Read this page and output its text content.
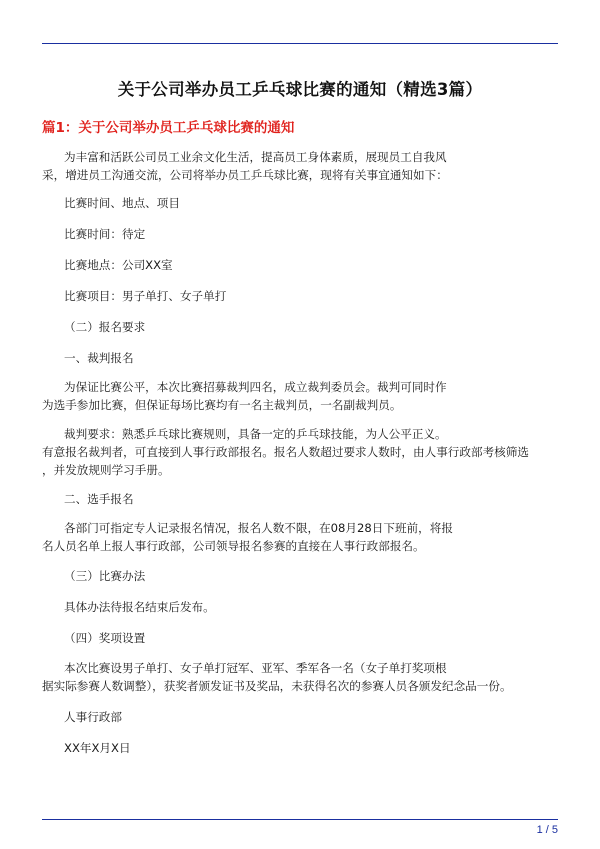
关于公司举办员工乒乓球比赛的通知（精选3篇）
篇1：关于公司举办员工乒乓球比赛的通知
为丰富和活跃公司员工业余文化生活，提高员工身体素质，展现员工自我风
采，增进员工沟通交流，公司将举办员工乒乓球比赛，现将有关事宜通知如下：
比赛时间、地点、项目
比赛时间：待定
比赛地点：公司XX室
比赛项目：男子单打、女子单打
（二）报名要求
一、裁判报名
为保证比赛公平，本次比赛招募裁判四名，成立裁判委员会。裁判可同时作
为选手参加比赛，但保证每场比赛均有一名主裁判员，一名副裁判员。
裁判要求：熟悉乒乓球比赛规则，具备一定的乒乓球技能，为人公平正义。
有意报名裁判者，可直接到人事行政部报名。报名人数超过要求人数时，由人事行政部考核筛选
，并发放规则学习手册。
二、选手报名
各部门可指定专人记录报名情况，报名人数不限，在08月28日下班前，将报
名人员名单上报人事行政部，公司领导报名参赛的直接在人事行政部报名。
（三）比赛办法
具体办法待报名结束后发布。
（四）奖项设置
本次比赛设男子单打、女子单打冠军、亚军、季军各一名（女子单打奖项根
据实际参赛人数调整），获奖者颁发证书及奖品，未获得名次的参赛人员各颁发纪念品一份。
人事行政部
XX年X月X日
1 / 5
